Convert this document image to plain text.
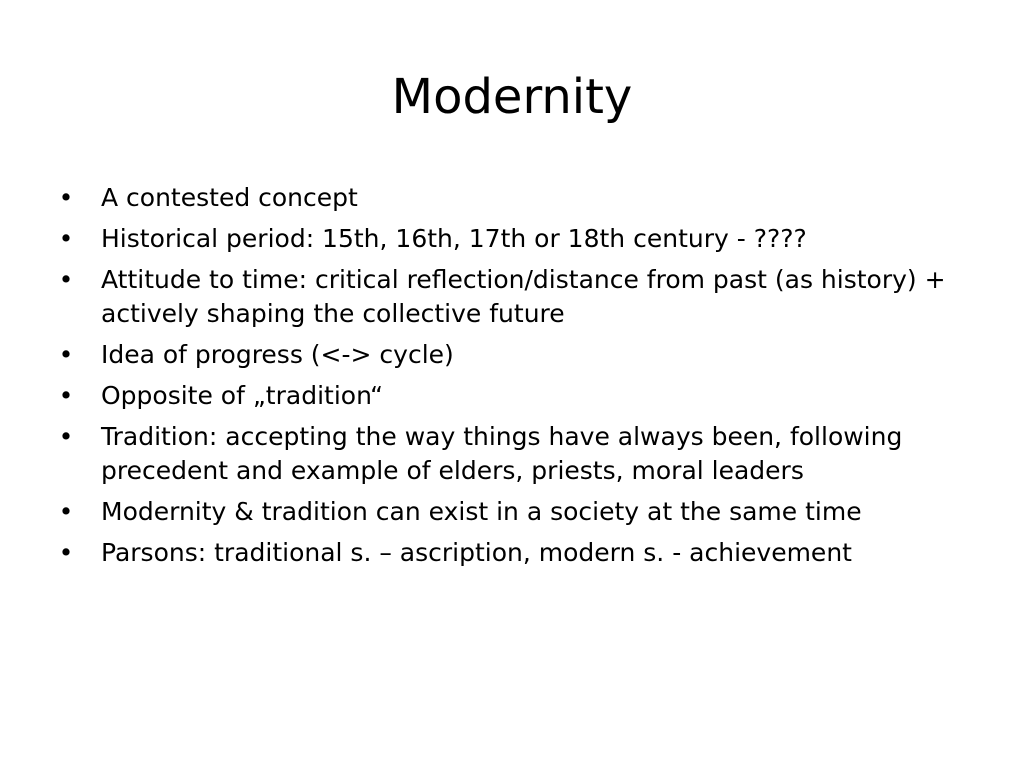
Modernity
• A contested concept
• Historical period: 15th, 16th, 17th or 18th century - ????
• Attitude to time: critical reflection/distance from past (as history) + actively shaping the collective future
• Idea of progress (<-> cycle)
• Opposite of „tradition“
• Tradition: accepting the way things have always been, following precedent and example of elders, priests, moral leaders
• Modernity & tradition can exist in a society at the same time
• Parsons: traditional s. – ascription, modern s. - achievement
